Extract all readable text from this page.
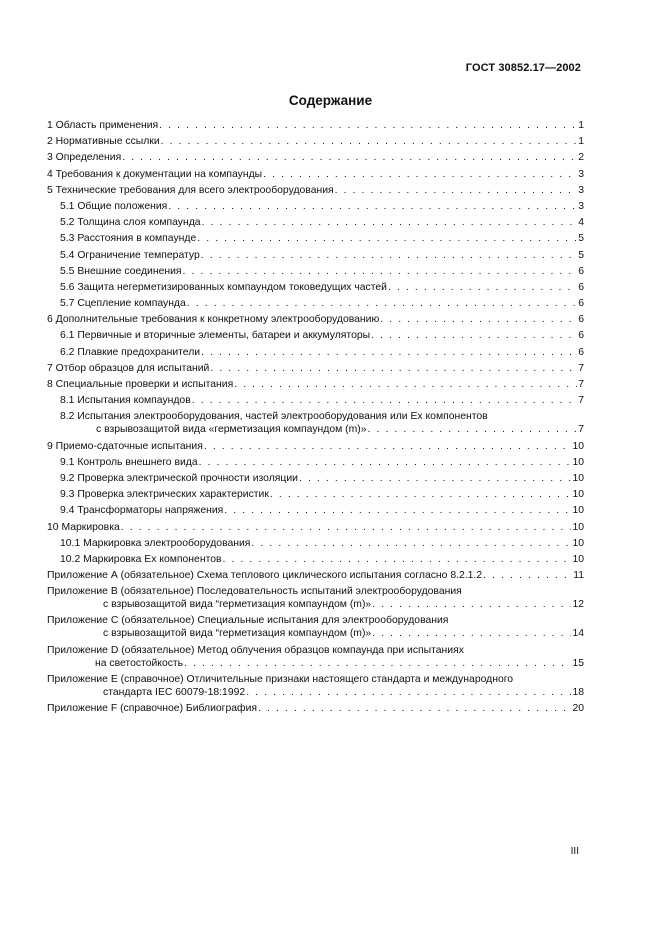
ГОСТ 30852.17—2002
Содержание
1 Область применения . . .	1
2 Нормативные ссылки . . .	1
3 Определения . . .	2
4 Требования к документации на компаунды . . .	3
5 Технические требования для всего электрооборудования . . .	3
5.1 Общие положения . . .	3
5.2 Толщина слоя компаунда . . .	4
5.3 Расстояния в компаунде . . .	5
5.4 Ограничение температур . . .	5
5.5 Внешние соединения . . .	6
5.6 Защита негерметизированных компаундом токоведущих частей . . .	6
5.7 Сцепление компаунда . . .	6
6 Дополнительные требования к конкретному электрооборудованию . . .	6
6.1 Первичные и вторичные элементы, батареи и аккумуляторы . . .	6
6.2 Плавкие предохранители . . .	6
7 Отбор образцов для испытаний . . .	7
8 Специальные проверки и испытания . . .	7
8.1 Испытания компаундов . . .	7
8.2 Испытания электрооборудования, частей электрооборудования или Ex компонентов
с взрывозащитой вида «герметизация компаундом (m)» . . .	7
9 Приемо-сдаточные испытания . . .	10
9.1 Контроль внешнего вида . . .	10
9.2 Проверка электрической прочности изоляции . . .	10
9.3 Проверка электрических характеристик . . .	10
9.4 Трансформаторы напряжения . . .	10
10 Маркировка . . .	10
10.1 Маркировка электрооборудования . . .	10
10.2 Маркировка Ex компонентов . . .	10
Приложение А (обязательное) Схема теплового циклического испытания согласно 8.2.1.2 . . .	11
Приложение В (обязательное) Последовательность испытаний электрооборудования
с взрывозащитой вида “герметизация компаундом (m)» . . .	12
Приложение С (обязательное) Специальные испытания для электрооборудования
с взрывозащитой вида “герметизация компаундом (m)» . . .	14
Приложение D (обязательное) Метод облучения образцов компаунда при испытаниях
на светостойкость . . .	15
Приложение Е (справочное) Отличительные признаки настоящего стандарта и международного
стандарта IEC 60079-18:1992 . . .	18
Приложение F (справочное) Библиография . . .	20
III
